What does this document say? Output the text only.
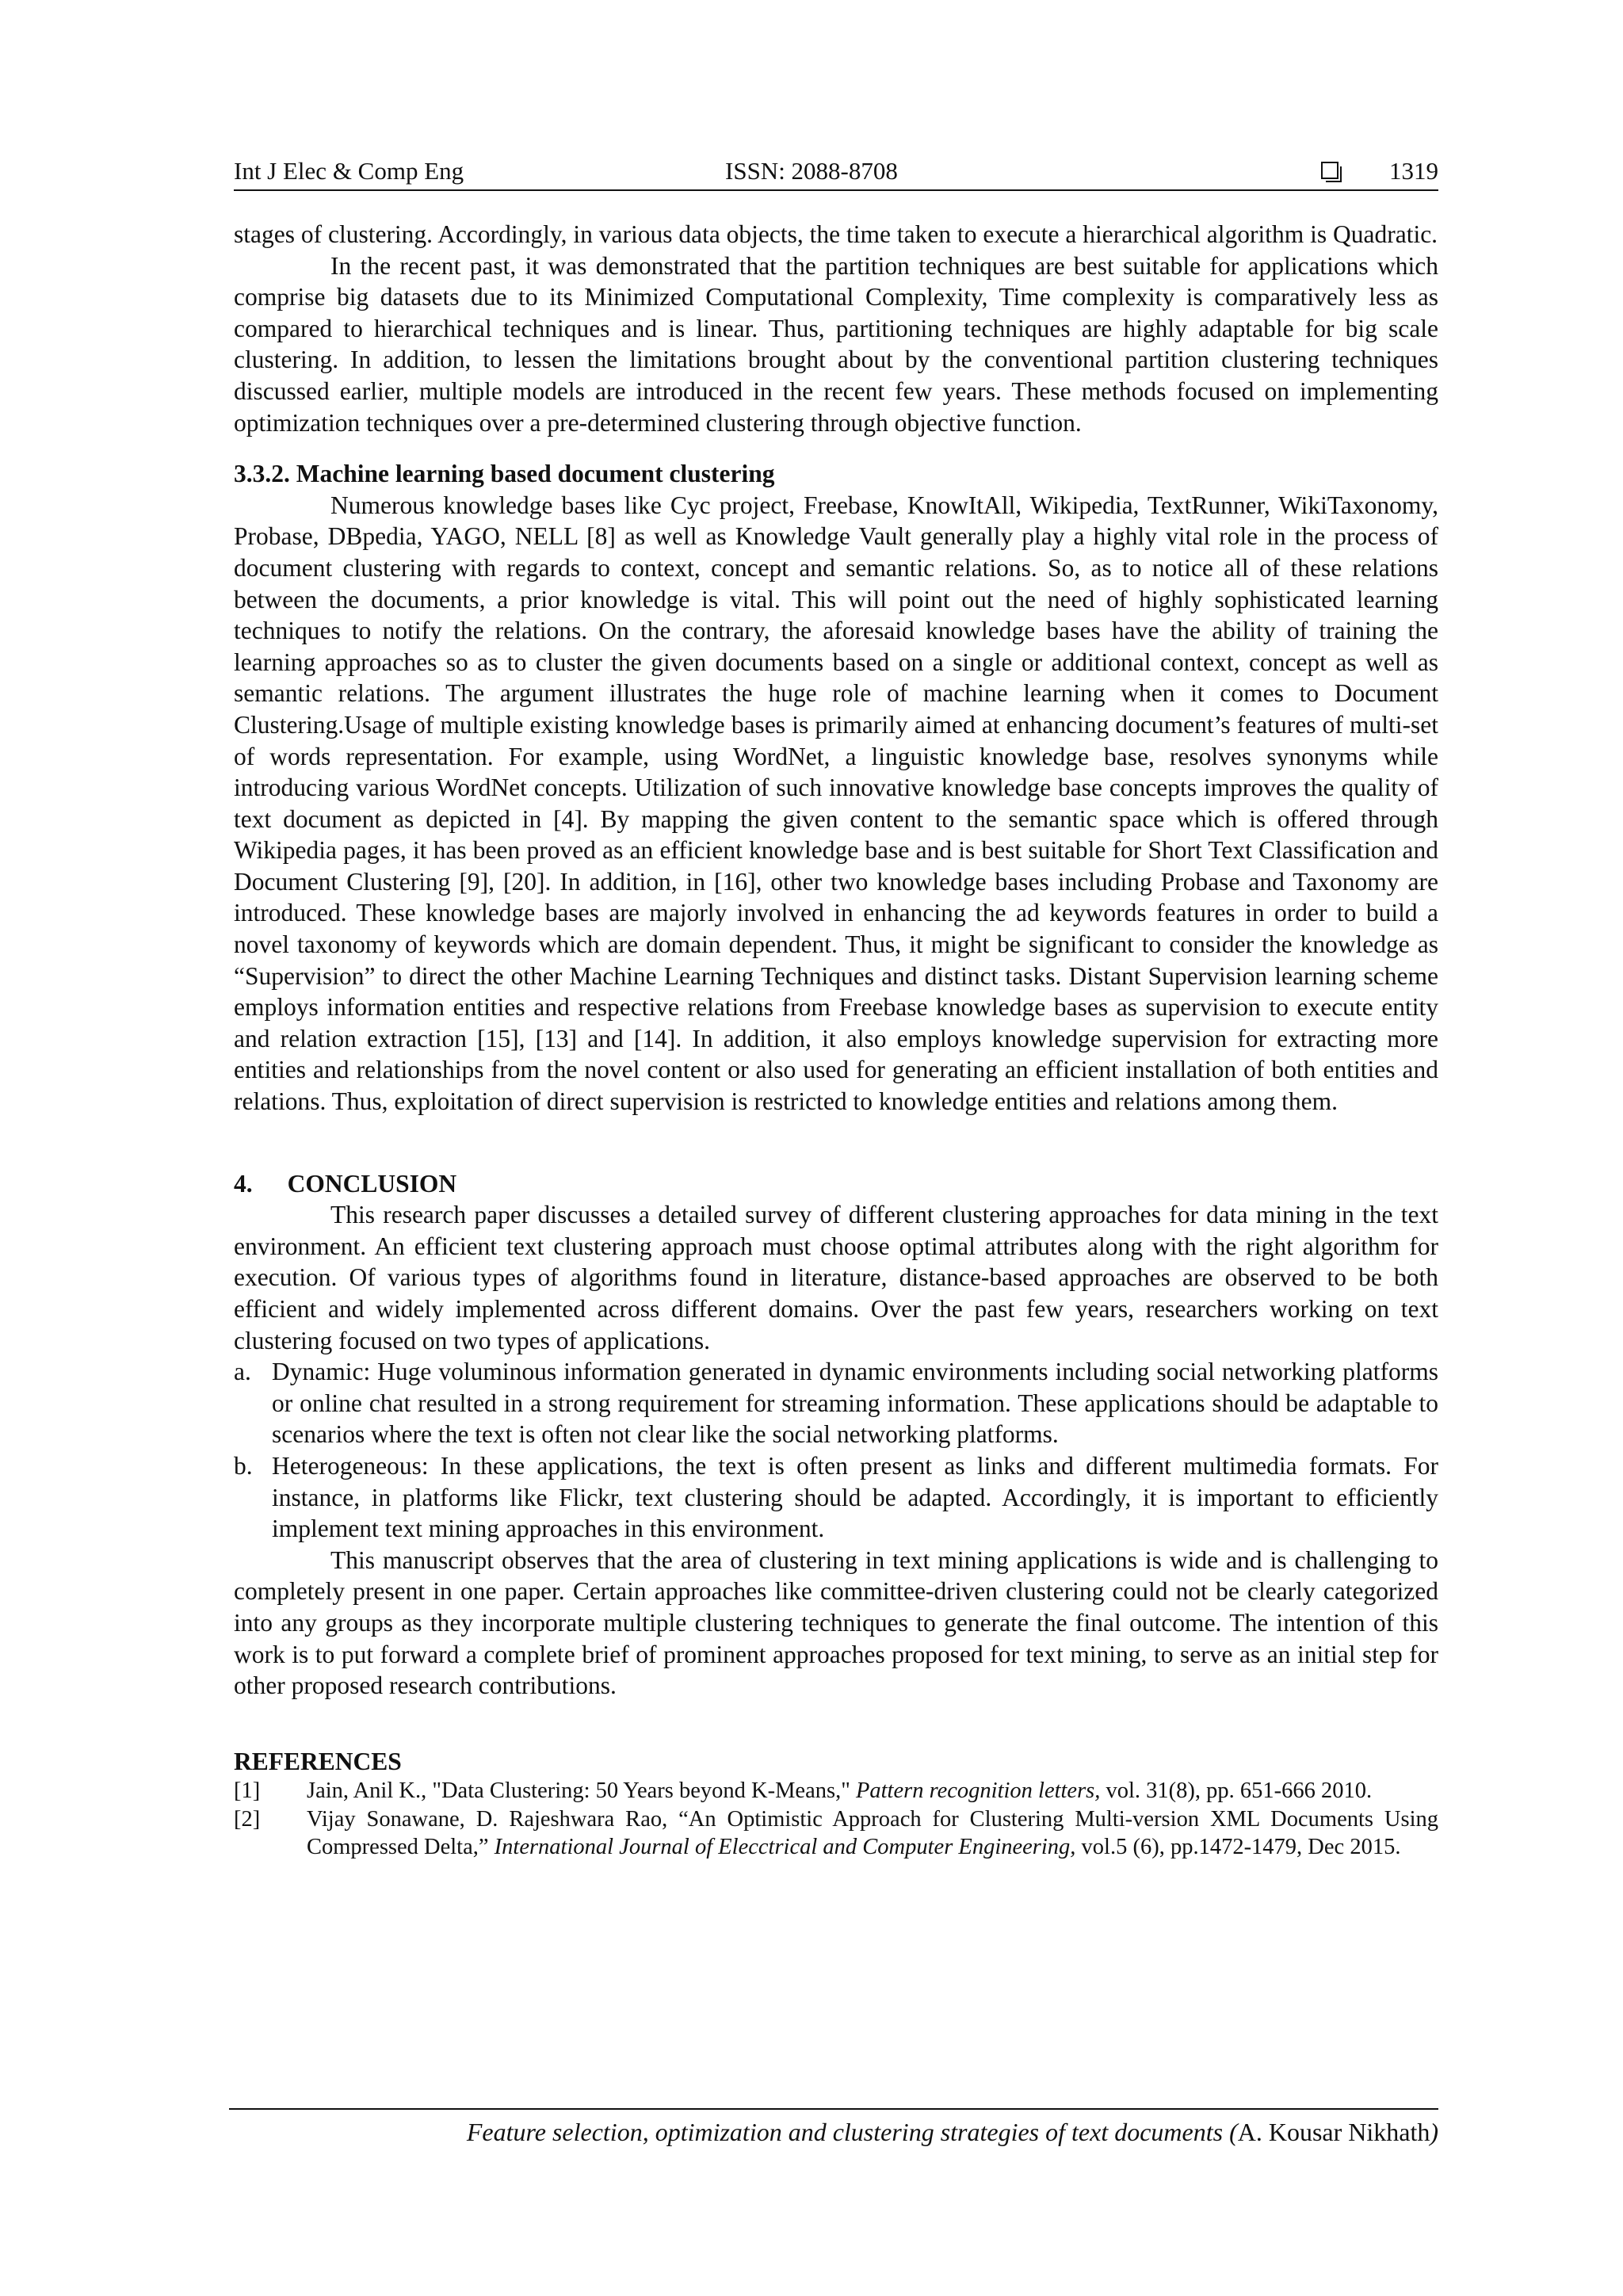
Int J Elec & Comp Eng	ISSN: 2088-8708	1319

stages of clustering. Accordingly, in various data objects, the time taken to execute a hierarchical algorithm is Quadratic.

In the recent past, it was demonstrated that the partition techniques are best suitable for applications which comprise big datasets due to its Minimized Computational Complexity, Time complexity is comparatively less as compared to hierarchical techniques and is linear. Thus, partitioning techniques are highly adaptable for big scale clustering. In addition, to lessen the limitations brought about by the conventional partition clustering techniques discussed earlier, multiple models are introduced in the recent few years. These methods focused on implementing optimization techniques over a pre-determined clustering through objective function.

3.3.2. Machine learning based document clustering

Numerous knowledge bases like Cyc project, Freebase, KnowItAll, Wikipedia, TextRunner, WikiTaxonomy, Probase, DBpedia, YAGO, NELL [8] as well as Knowledge Vault generally play a highly vital role in the process of document clustering with regards to context, concept and semantic relations. So, as to notice all of these relations between the documents, a prior knowledge is vital. This will point out the need of highly sophisticated learning techniques to notify the relations. On the contrary, the aforesaid knowledge bases have the ability of training the learning approaches so as to cluster the given documents based on a single or additional context, concept as well as semantic relations. The argument illustrates the huge role of machine learning when it comes to Document Clustering.Usage of multiple existing knowledge bases is primarily aimed at enhancing document’s features of multi-set of words representation. For example, using WordNet, a linguistic knowledge base, resolves synonyms while introducing various WordNet concepts. Utilization of such innovative knowledge base concepts improves the quality of text document as depicted in [4]. By mapping the given content to the semantic space which is offered through Wikipedia pages, it has been proved as an efficient knowledge base and is best suitable for Short Text Classification and Document Clustering [9], [20]. In addition, in [16], other two knowledge bases including Probase and Taxonomy are introduced. These knowledge bases are majorly involved in enhancing the ad keywords features in order to build a novel taxonomy of keywords which are domain dependent. Thus, it might be significant to consider the knowledge as “Supervision” to direct the other Machine Learning Techniques and distinct tasks. Distant Supervision learning scheme employs information entities and respective relations from Freebase knowledge bases as supervision to execute entity and relation extraction [15], [13] and [14]. In addition, it also employs knowledge supervision for extracting more entities and relationships from the novel content or also used for generating an efficient installation of both entities and relations. Thus, exploitation of direct supervision is restricted to knowledge entities and relations among them.

4. CONCLUSION

This research paper discusses a detailed survey of different clustering approaches for data mining in the text environment. An efficient text clustering approach must choose optimal attributes along with the right algorithm for execution. Of various types of algorithms found in literature, distance-based approaches are observed to be both efficient and widely implemented across different domains. Over the past few years, researchers working on text clustering focused on two types of applications.

a. Dynamic: Huge voluminous information generated in dynamic environments including social networking platforms or online chat resulted in a strong requirement for streaming information. These applications should be adaptable to scenarios where the text is often not clear like the social networking platforms.
b. Heterogeneous: In these applications, the text is often present as links and different multimedia formats. For instance, in platforms like Flickr, text clustering should be adapted. Accordingly, it is important to efficiently implement text mining approaches in this environment.

This manuscript observes that the area of clustering in text mining applications is wide and is challenging to completely present in one paper. Certain approaches like committee-driven clustering could not be clearly categorized into any groups as they incorporate multiple clustering techniques to generate the final outcome. The intention of this work is to put forward a complete brief of prominent approaches proposed for text mining, to serve as an initial step for other proposed research contributions.

REFERENCES

[1] Jain, Anil K., "Data Clustering: 50 Years beyond K-Means," Pattern recognition letters, vol. 31(8), pp. 651-666 2010.
[2] Vijay Sonawane, D. Rajeshwara Rao, “An Optimistic Approach for Clustering Multi-version XML Documents Using Compressed Delta,” International Journal of Elecctrical and Computer Engineering, vol.5 (6), pp.1472-1479, Dec 2015.
Feature selection, optimization and clustering strategies of text documents (A. Kousar Nikhath)
